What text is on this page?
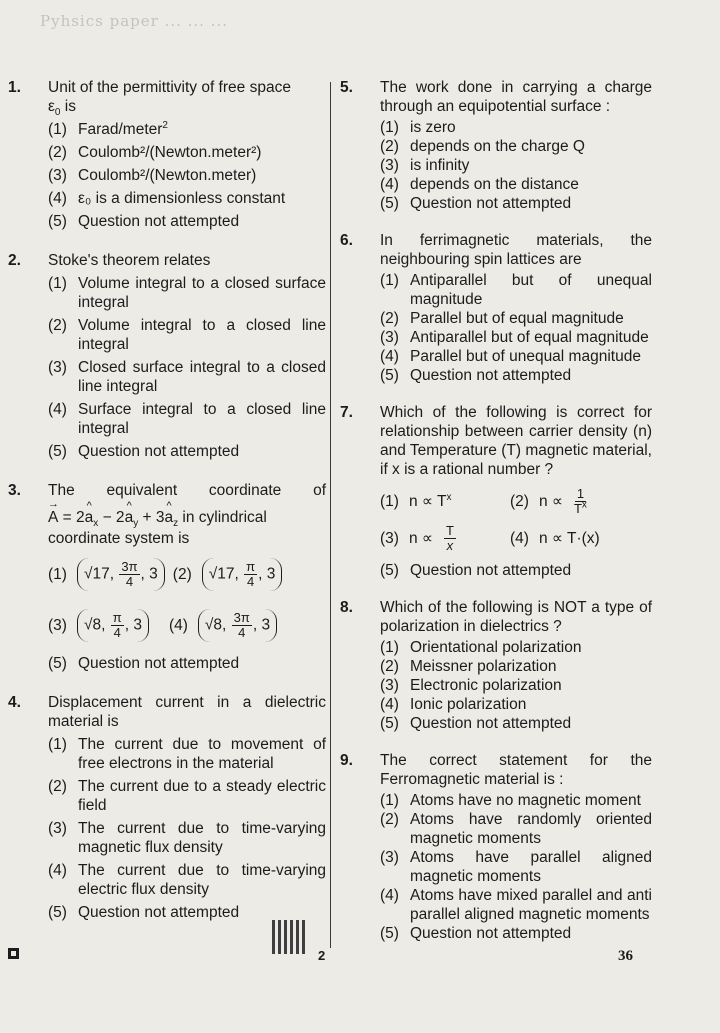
Pyhsics paper ... ... ...
1.	Unit of the permittivity of free space
$\varepsilon_0$ is
(1) Farad/meter$^2$
(2) Coulomb²/(Newton.meter²)
(3) Coulomb²/(Newton.meter)
(4) ε₀ is a dimensionless constant
(5) Question not attempted
2.	Stoke's theorem relates
(1) Volume integral to a closed surface integral
(2) Volume integral to a closed line integral
(3) Closed surface integral to a closed line integral
(4) Surface integral to a closed line integral
(5) Question not attempted
3.	The equivalent coordinate of
→ A = 2^ $a_x$ − 2^ $a_y$ + 3^ $a_z$ in cylindrical
coordinate system is
(1)	√17, $\frac{3\pi}{4}$ , 3 (2)	√17, $\frac{\pi}{4}$ , 3
(3)	√8, $\frac{\pi}{4}$ , 3	(4)	√8, $\frac{3\pi}{4}$ , 3
(5) Question not attempted
4.	Displacement current in a dielectric material is
(1) The current due to movement of free electrons in the material
(2) The current due to a steady electric field
(3) The current due to time-varying magnetic flux density
(4) The current due to time-varying electric flux density
(5) Question not attempted
5.	The work done in carrying a charge through an equipotential surface :
(1) is zero
(2) depends on the charge Q
(3) is infinity
(4) depends on the distance
(5) Question not attempted
6.	In ferrimagnetic materials, the neighbouring spin lattices are
(1) Antiparallel but of unequal magnitude
(2) Parallel but of equal magnitude
(3) Antiparallel but of equal magnitude
(4) Parallel but of unequal magnitude
(5) Question not attempted
7.	Which of the following is correct for relationship between carrier density (n) and Temperature (T) magnetic material, if x is a rational number ?
(1) $n \propto T^x$	(2) $n \propto \frac{1}{T^x}$
(3) $n \propto \frac{T}{x}$	(4) n ∝ T·(x)
(5) Question not attempted
8.	Which of the following is NOT a type of polarization in dielectrics ?
(1) Orientational polarization
(2) Meissner polarization
(3) Electronic polarization
(4) Ionic polarization
(5) Question not attempted
9.	The correct statement for the Ferromagnetic material is :
(1) Atoms have no magnetic moment
(2) Atoms have randomly oriented magnetic moments
(3) Atoms have parallel aligned magnetic moments
(4) Atoms have mixed parallel and anti parallel aligned magnetic moments
(5) Question not attempted
2	36
